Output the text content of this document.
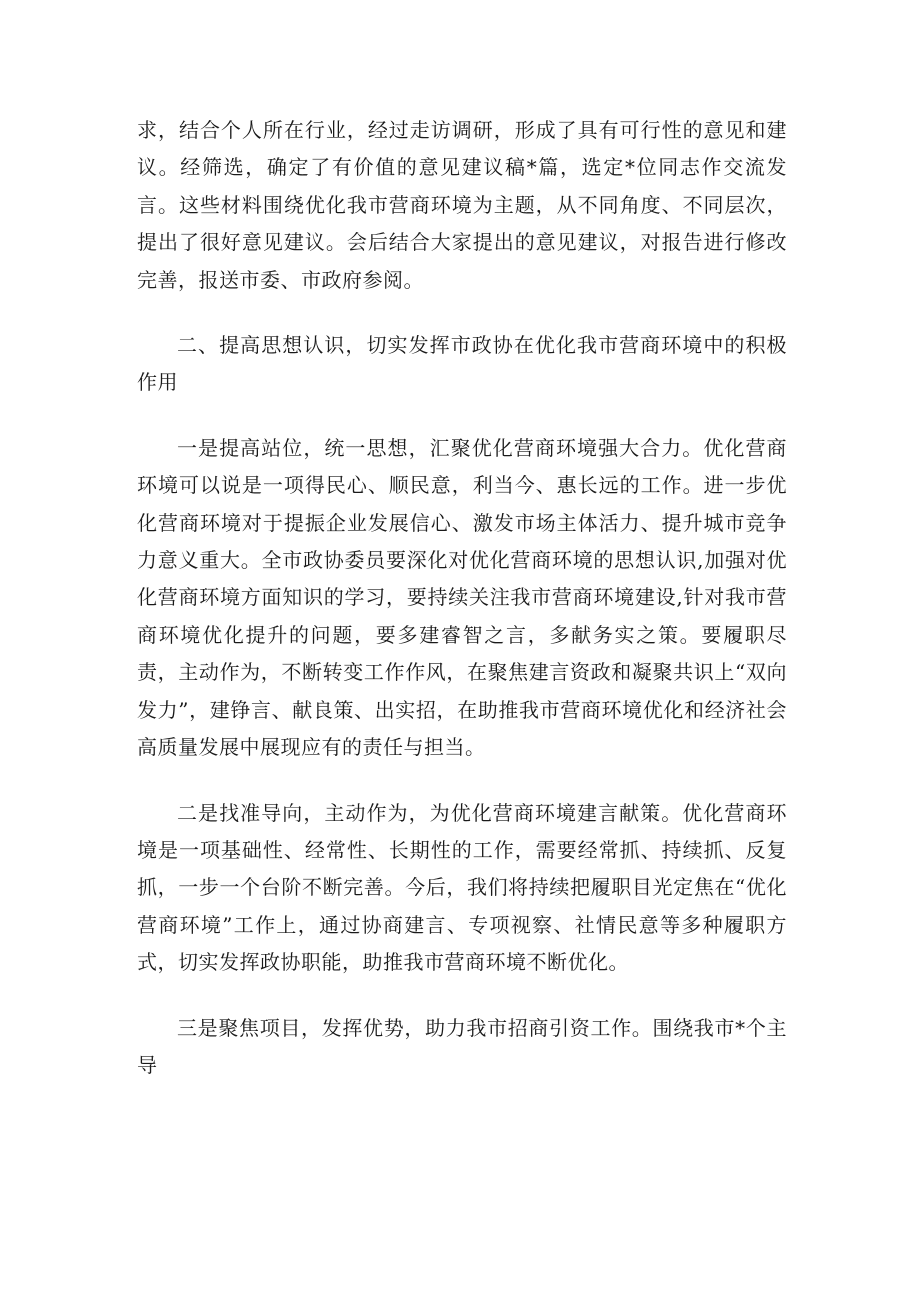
求，结合个人所在行业，经过走访调研，形成了具有可行性的意见和建议。经筛选，确定了有价值的意见建议稿*篇，选定*位同志作交流发言。这些材料围绕优化我市营商环境为主题，从不同角度、不同层次，提出了很好意见建议。会后结合大家提出的意见建议，对报告进行修改完善，报送市委、市政府参阅。

二、提高思想认识，切实发挥市政协在优化我市营商环境中的积极作用

一是提高站位，统一思想，汇聚优化营商环境强大合力。优化营商环境可以说是一项得民心、顺民意，利当今、惠长远的工作。进一步优化营商环境对于提振企业发展信心、激发市场主体活力、提升城市竞争力意义重大。全市政协委员要深化对优化营商环境的思想认识,加强对优化营商环境方面知识的学习，要持续关注我市营商环境建设,针对我市营商环境优化提升的问题，要多建睿智之言，多献务实之策。要履职尽责，主动作为，不断转变工作作风，在聚焦建言资政和凝聚共识上“双向发力”，建铮言、献良策、出实招，在助推我市营商环境优化和经济社会高质量发展中展现应有的责任与担当。

二是找准导向，主动作为，为优化营商环境建言献策。优化营商环境是一项基础性、经常性、长期性的工作，需要经常抓、持续抓、反复抓，一步一个台阶不断完善。今后，我们将持续把履职目光定焦在“优化营商环境”工作上，通过协商建言、专项视察、社情民意等多种履职方式，切实发挥政协职能，助推我市营商环境不断优化。

三是聚焦项目，发挥优势，助力我市招商引资工作。围绕我市*个主导
